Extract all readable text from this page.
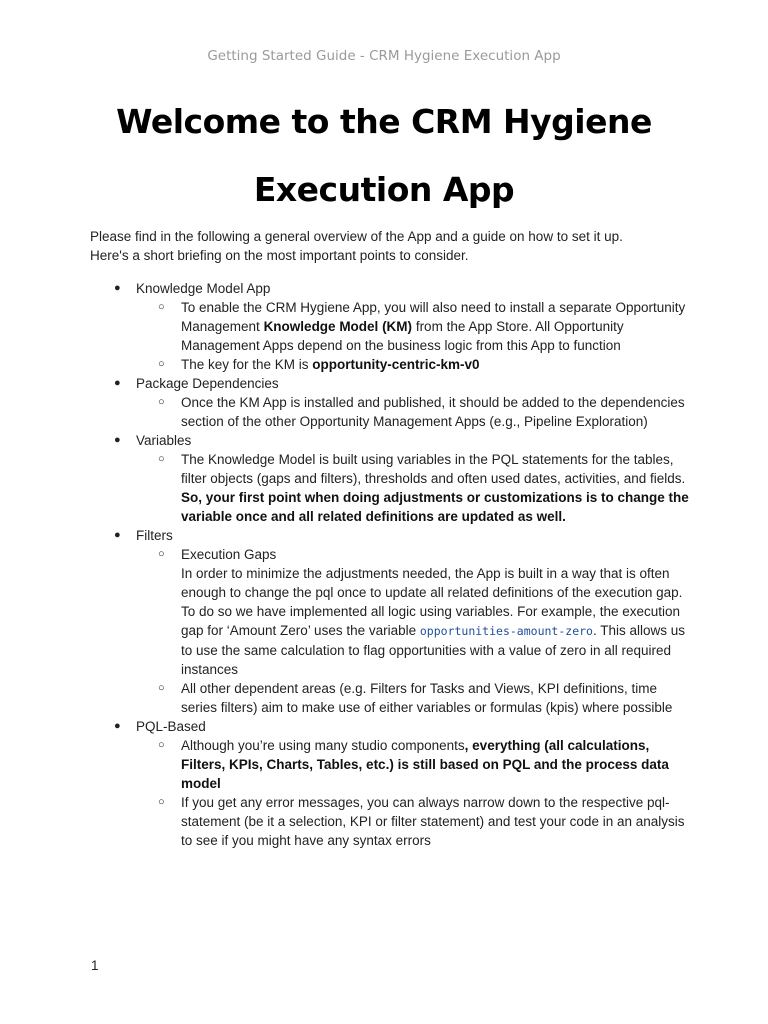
Getting Started Guide - CRM Hygiene Execution App
Welcome to the CRM Hygiene
Execution App

Please find in the following a general overview of the App and a guide on how to set it up.

Here's a short briefing on the most important points to consider.

● Knowledge Model App
○ To enable the CRM Hygiene App, you will also need to install a separate Opportunity Management Knowledge Model (KM) from the App Store. All Opportunity Management Apps depend on the business logic from this App to function
○ The key for the KM is opportunity-centric-km-v0
● Package Dependencies
○ Once the KM App is installed and published, it should be added to the dependencies section of the other Opportunity Management Apps (e.g., Pipeline Exploration)
● Variables
○ The Knowledge Model is built using variables in the PQL statements for the tables, filter objects (gaps and filters), thresholds and often used dates, activities, and fields. So, your first point when doing adjustments or customizations is to change the variable once and all related definitions are updated as well.
● Filters
○ Execution Gaps
In order to minimize the adjustments needed, the App is built in a way that is often enough to change the pql once to update all related definitions of the execution gap. To do so we have implemented all logic using variables. For example, the execution gap for ‘Amount Zero’ uses the variable opportunities-amount-zero. This allows us to use the same calculation to flag opportunities with a value of zero in all required instances
○ All other dependent areas (e.g. Filters for Tasks and Views, KPI definitions, time series filters) aim to make use of either variables or formulas (kpis) where possible
● PQL-Based
○ Although you’re using many studio components, everything (all calculations, Filters, KPIs, Charts, Tables, etc.) is still based on PQL and the process data model
○ If you get any error messages, you can always narrow down to the respective pql-statement (be it a selection, KPI or filter statement) and test your code in an analysis to see if you might have any syntax errors
1
